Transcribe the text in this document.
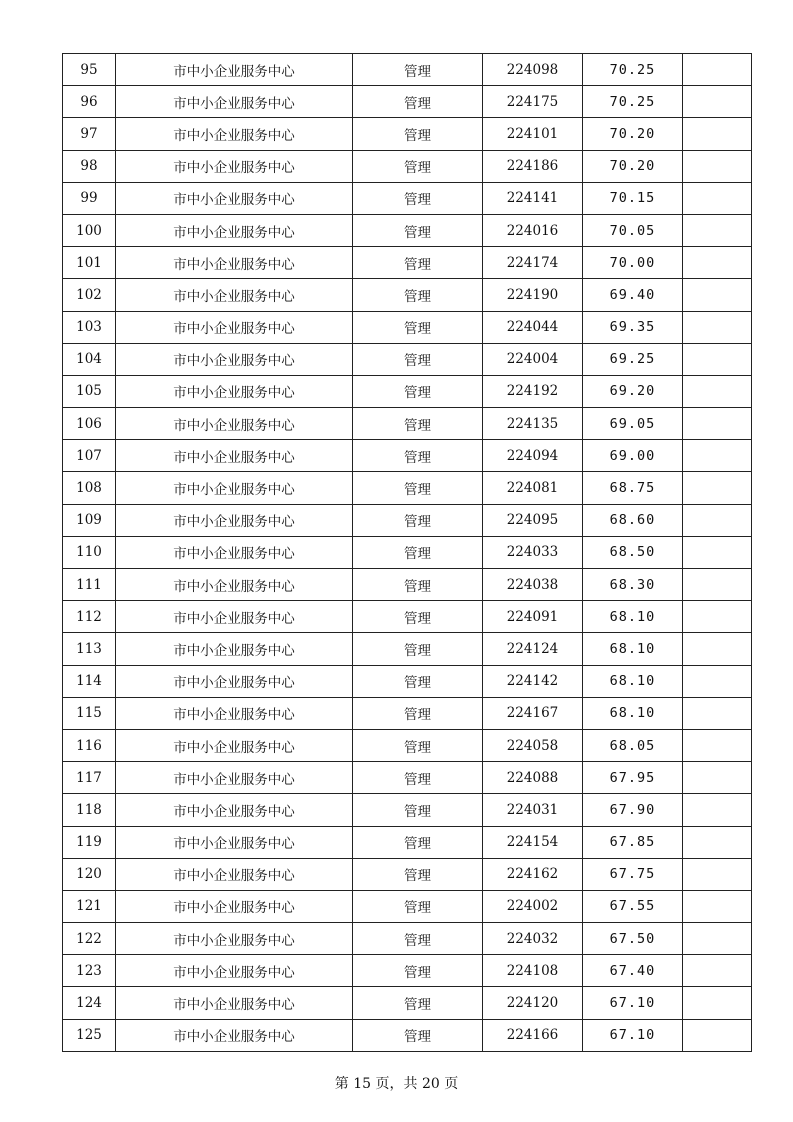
95	市中小企业服务中心	管理	224098	70.25	
96	市中小企业服务中心	管理	224175	70.25	
97	市中小企业服务中心	管理	224101	70.20	
98	市中小企业服务中心	管理	224186	70.20	
99	市中小企业服务中心	管理	224141	70.15	
100	市中小企业服务中心	管理	224016	70.05	
101	市中小企业服务中心	管理	224174	70.00	
102	市中小企业服务中心	管理	224190	69.40	
103	市中小企业服务中心	管理	224044	69.35	
104	市中小企业服务中心	管理	224004	69.25	
105	市中小企业服务中心	管理	224192	69.20	
106	市中小企业服务中心	管理	224135	69.05	
107	市中小企业服务中心	管理	224094	69.00	
108	市中小企业服务中心	管理	224081	68.75	
109	市中小企业服务中心	管理	224095	68.60	
110	市中小企业服务中心	管理	224033	68.50	
111	市中小企业服务中心	管理	224038	68.30	
112	市中小企业服务中心	管理	224091	68.10	
113	市中小企业服务中心	管理	224124	68.10	
114	市中小企业服务中心	管理	224142	68.10	
115	市中小企业服务中心	管理	224167	68.10	
116	市中小企业服务中心	管理	224058	68.05	
117	市中小企业服务中心	管理	224088	67.95	
118	市中小企业服务中心	管理	224031	67.90	
119	市中小企业服务中心	管理	224154	67.85	
120	市中小企业服务中心	管理	224162	67.75	
121	市中小企业服务中心	管理	224002	67.55	
122	市中小企业服务中心	管理	224032	67.50	
123	市中小企业服务中心	管理	224108	67.40	
124	市中小企业服务中心	管理	224120	67.10	
125	市中小企业服务中心	管理	224166	67.10	
第 15 页，共 20 页
